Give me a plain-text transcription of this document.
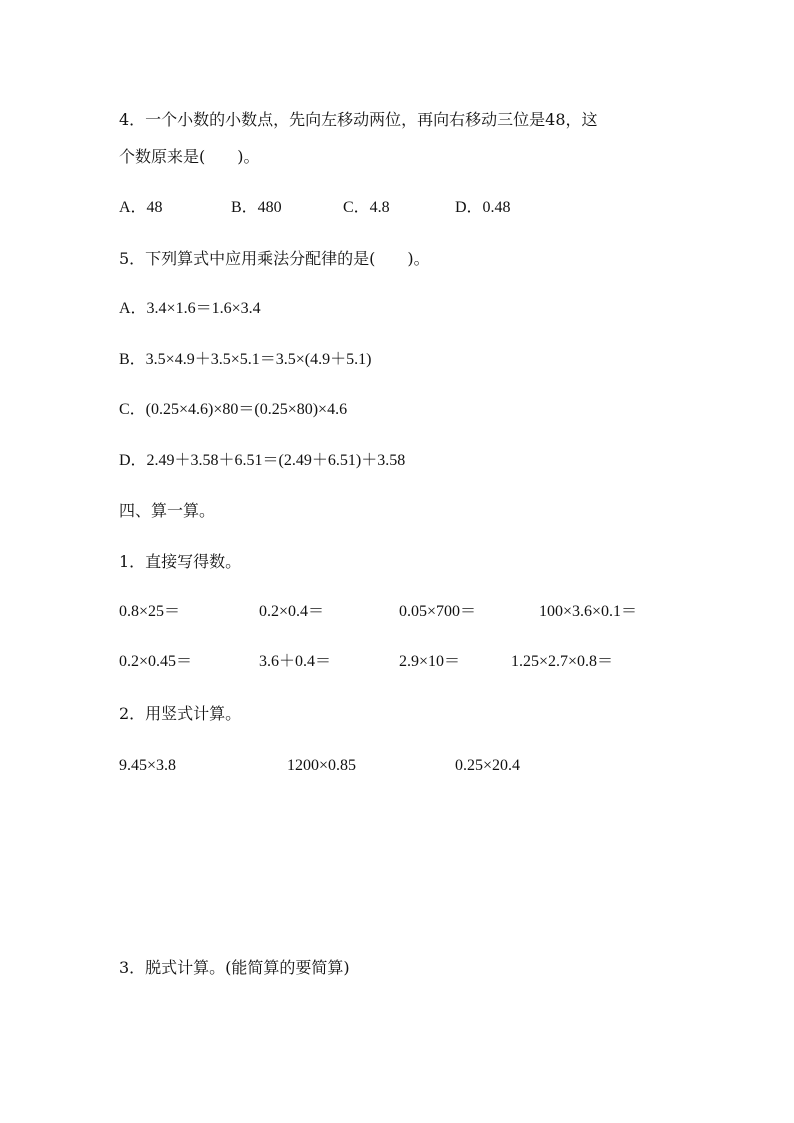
4．一个小数的小数点，先向左移动两位，再向右移动三位是48，这
个数原来是(　　)。
A．48	B．480	C．4.8	D．0.48
5．下列算式中应用乘法分配律的是(　　)。
A．3.4×1.6＝1.6×3.4
B．3.5×4.9＋3.5×5.1＝3.5×(4.9＋5.1)
C．(0.25×4.6)×80＝(0.25×80)×4.6
D．2.49＋3.58＋6.51＝(2.49＋6.51)＋3.58
四、算一算。
1．直接写得数。
0.8×25＝	0.2×0.4＝	0.05×700＝	100×3.6×0.1＝
0.2×0.45＝	3.6＋0.4＝	2.9×10＝	1.25×2.7×0.8＝
2．用竖式计算。
9.45×3.8	1200×0.85	0.25×20.4
3．脱式计算。(能简算的要简算)
